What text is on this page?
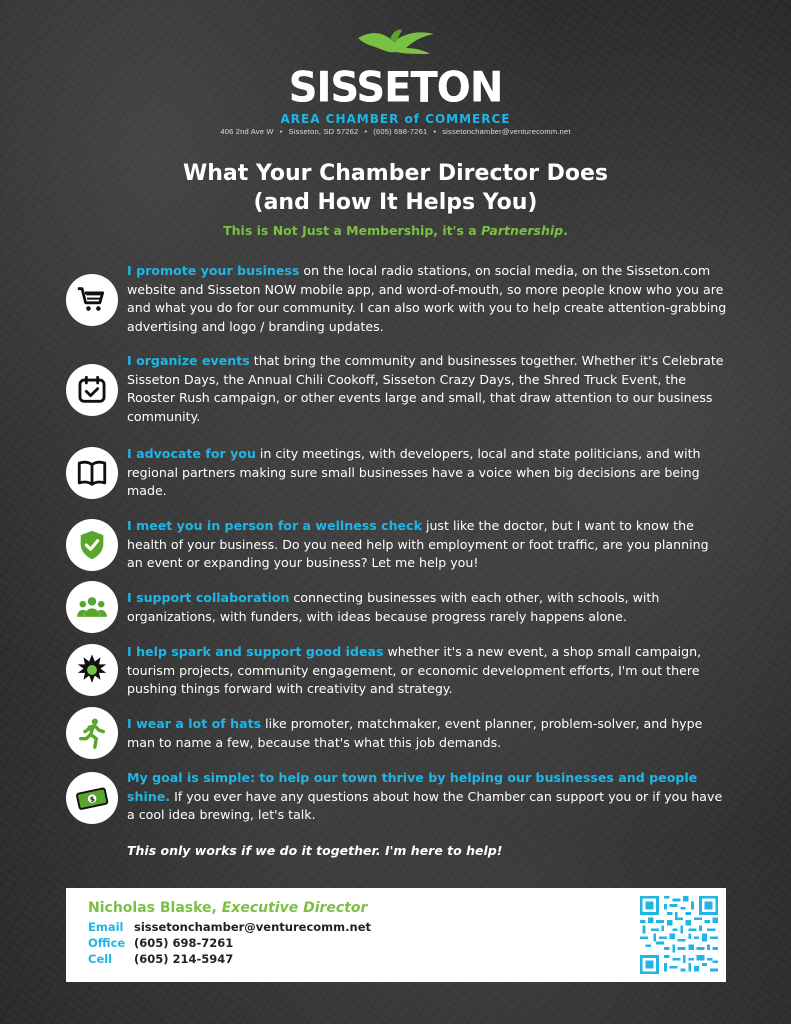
SISSETON
AREA CHAMBER of COMMERCE
406 2nd Ave W • Sisseton, SD 57262 • (605) 698-7261 • sissetonchamber@venturecomm.net
What Your Chamber Director Does
(and How It Helps You)
This is Not Just a Membership, it's a Partnership.
I promote your business on the local radio stations, on social media, on the Sisseton.com website and Sisseton NOW mobile app, and word-of-mouth, so more people know who you are and what you do for our community. I can also work with you to help create attention-grabbing advertising and logo / branding updates.
I organize events that bring the community and businesses together. Whether it's Celebrate Sisseton Days, the Annual Chili Cookoff, Sisseton Crazy Days, the Shred Truck Event, the Rooster Rush campaign, or other events large and small, that draw attention to our business community.
I advocate for you in city meetings, with developers, local and state politicians, and with regional partners making sure small businesses have a voice when big decisions are being made.
I meet you in person for a wellness check just like the doctor, but I want to know the health of your business. Do you need help with employment or foot traffic, are you planning an event or expanding your business? Let me help you!
I support collaboration connecting businesses with each other, with schools, with organizations, with funders, with ideas because progress rarely happens alone.
I help spark and support good ideas whether it's a new event, a shop small campaign, tourism projects, community engagement, or economic development efforts, I'm out there pushing things forward with creativity and strategy.
I wear a lot of hats like promoter, matchmaker, event planner, problem-solver, and hype man to name a few, because that's what this job demands.
$
My goal is simple: to help our town thrive by helping our businesses and people shine. If you ever have any questions about how the Chamber can support you or if you have a cool idea brewing, let's talk.
This only works if we do it together. I'm here to help!
Nicholas Blaske, Executive Director
Email sissetonchamber@venturecomm.net
Office (605) 698-7261
Cell (605) 214-5947
